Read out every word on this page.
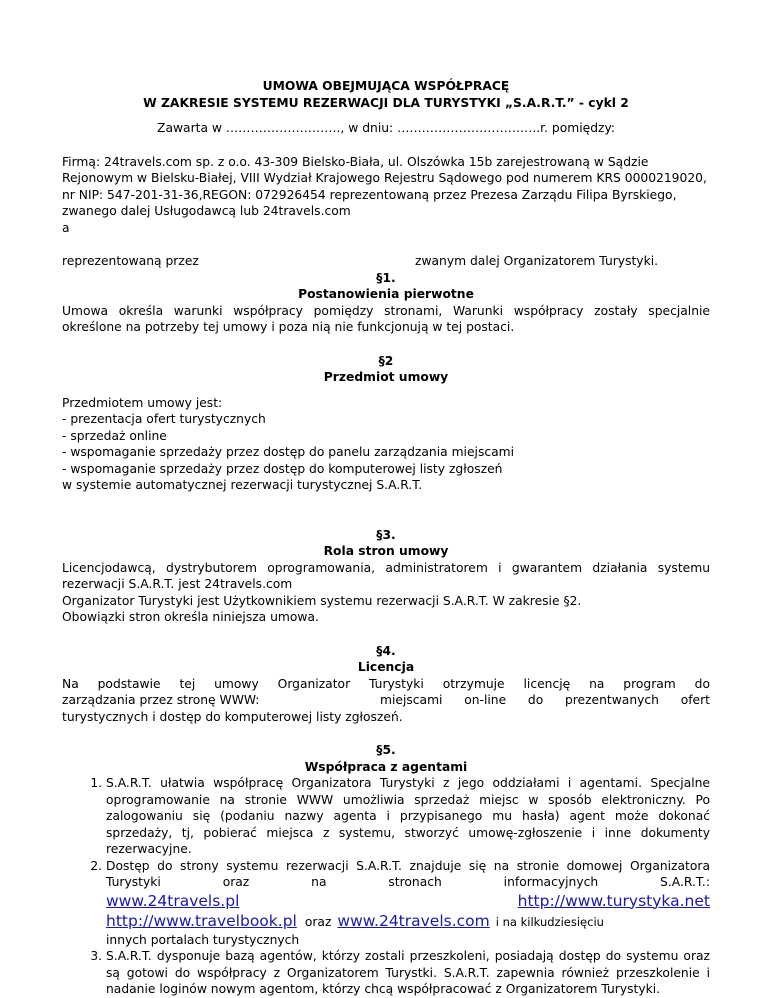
UMOWA OBEJMUJĄCA WSPÓŁPRACĘ

W ZAKRESIE SYSTEMU REZERWACJI DLA TURYSTYKI „S.A.R.T.” - cykl 2

Zawarta w ………………………., w dniu: ……………………………..r. pomiędzy:

Firmą: 24travels.com sp. z o.o. 43-309 Bielsko-Biała, ul. Olszówka 15b zarejestrowaną w Sądzie Rejonowym w Bielsku-Białej, VIII Wydział Krajowego Rejestru Sądowego pod numerem KRS 0000219020, nr NIP: 547-201-31-36,REGON: 072926454 reprezentowaną przez Prezesa Zarządu Filipa Byrskiego, zwanego dalej Usługodawcą lub 24travels.com

a

reprezentowaną przez	zwanym dalej Organizatorem Turystyki.

§1.

Postanowienia pierwotne

Umowa określa warunki współpracy pomiędzy stronami, Warunki współpracy zostały specjalnie określone na potrzeby tej umowy i poza nią nie funkcjonują w tej postaci.

§2

Przedmiot umowy

Przedmiotem umowy jest:

- prezentacja ofert turystycznych

- sprzedaż online

- wspomaganie sprzedaży przez dostęp do panelu zarządzania miejscami

- wspomaganie sprzedaży przez dostęp do komputerowej listy zgłoszeń

w systemie automatycznej rezerwacji turystycznej S.A.R.T.

§3.

Rola stron umowy

Licencjodawcą, dystrybutorem oprogramowania, administratorem i gwarantem działania systemu rezerwacji S.A.R.T. jest 24travels.com

Organizator Turystyki jest Użytkownikiem systemu rezerwacji S.A.R.T. W zakresie §2.

Obowiązki stron określa niniejsza umowa.

§4.

Licencja

Na podstawie tej umowy Organizator Turystyki otrzymuje licencję na program do
zarządzania przez stronę WWW:	miejscami on-line do prezentwanych ofert

turystycznych i dostęp do komputerowej listy zgłoszeń.

§5.

Współpraca z agentami

1. S.A.R.T. ułatwia współpracę Organizatora Turystyki z jego oddziałami i agentami. Specjalne oprogramowanie na stronie WWW umożliwia sprzedaż miejsc w sposób elektroniczny. Po zalogowaniu się (podaniu nazwy agenta i przypisanego mu hasła) agent może dokonać sprzedaży, tj, pobierać miejsca z systemu, stworzyć umowę-zgłoszenie i inne dokumenty rezerwacyjne.
2. Dostęp do strony systemu rezerwacji S.A.R.T. znajduje się na stronie domowej Organizatora Turystyki oraz na stronach informacyjnych S.A.R.T.:
www.24travels.pl	http://www.turystyka.net
http://www.travelbook.pl oraz www.24travels.com i na kilkudziesięciu
innych portalach turystycznych
3. S.A.R.T. dysponuje bazą agentów, którzy zostali przeszkoleni, posiadają dostęp do systemu oraz są gotowi do współpracy z Organizatorem Turystki. S.A.R.T. zapewnia również przeszkolenie i nadanie loginów nowym agentom, którzy chcą współpracować z Organizatorem Turystyki.
